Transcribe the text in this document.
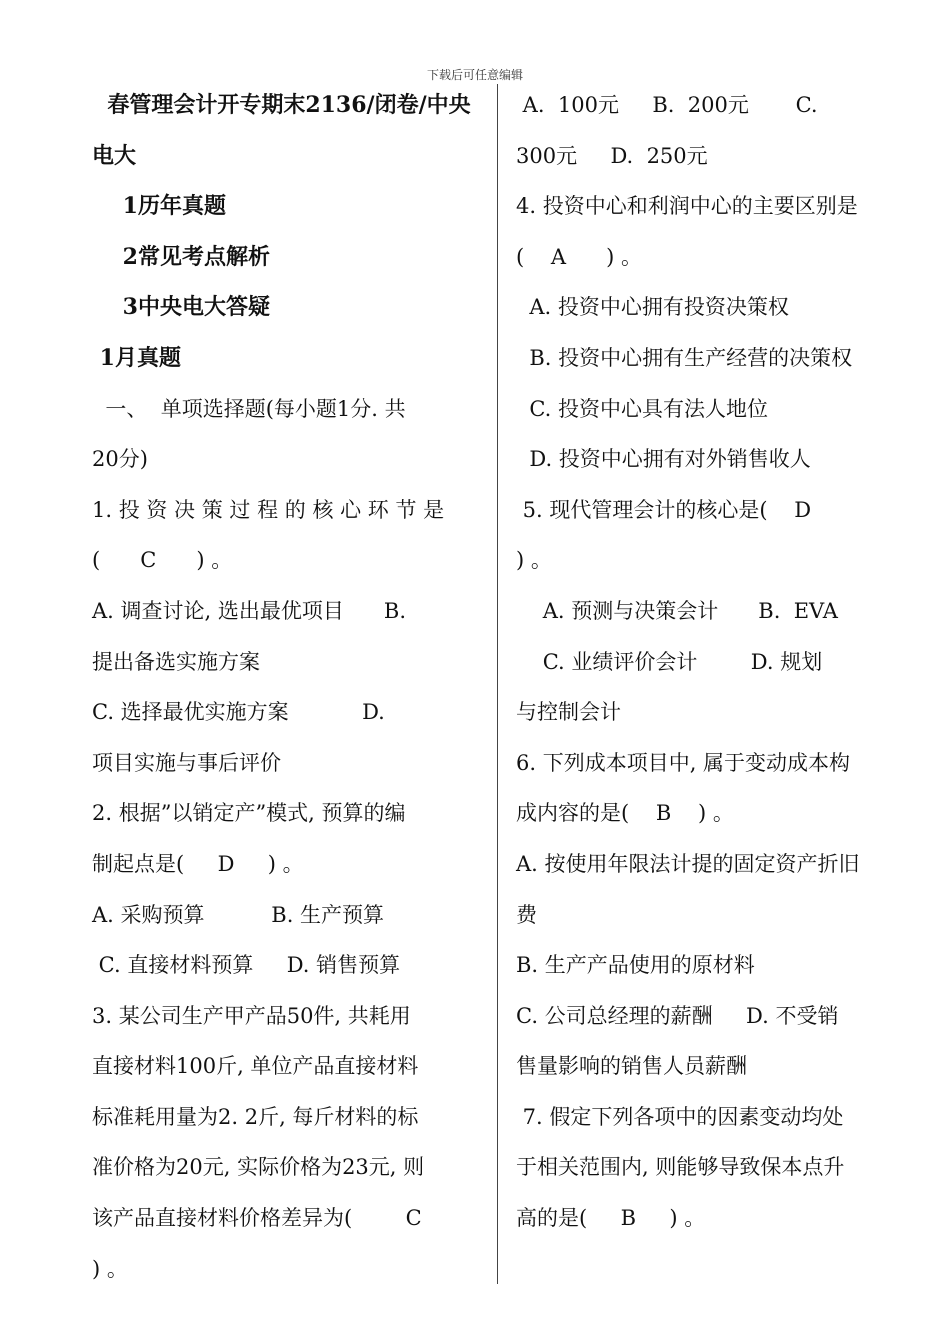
下载后可任意编辑
春管理会计开专期末2136/闭卷/中央
电大
1历年真题
2常见考点解析
3中央电大答疑
1月真题
一、  单项选择题(每小题1分. 共
20分)
1. 投 资 决 策 过 程 的 核 心 环 节 是
(      C      ) 。
A. 调查讨论, 选出最优项目      B.
提出备选实施方案
C. 选择最优实施方案           D.
项目实施与事后评价
2. 根据”以销定产”模式, 预算的编
制起点是(     D     ) 。
A. 采购预算          B. 生产预算
C. 直接材料预算     D. 销售预算
3. 某公司生产甲产品50件, 共耗用
直接材料100斤, 单位产品直接材料
标准耗用量为2. 2斤, 每斤材料的标
准价格为20元, 实际价格为23元, 则
该产品直接材料价格差异为(        C
) 。
A.  100元     B.  200元       C.
300元     D.  250元
4. 投资中心和利润中心的主要区别是
(    A      ) 。
A. 投资中心拥有投资决策权
B. 投资中心拥有生产经营的决策权
C. 投资中心具有法人地位
D. 投资中心拥有对外销售收人
5. 现代管理会计的核心是(    D
) 。
A. 预测与决策会计      B.  EVA
C. 业绩评价会计        D. 规划
与控制会计
6. 下列成本项目中, 属于变动成本构
成内容的是(    B    ) 。
A. 按使用年限法计提的固定资产折旧
费
B. 生产产品使用的原材料
C. 公司总经理的薪酬     D. 不受销
售量影响的销售人员薪酬
7. 假定下列各项中的因素变动均处
于相关范围内, 则能够导致保本点升
高的是(     B     ) 。
